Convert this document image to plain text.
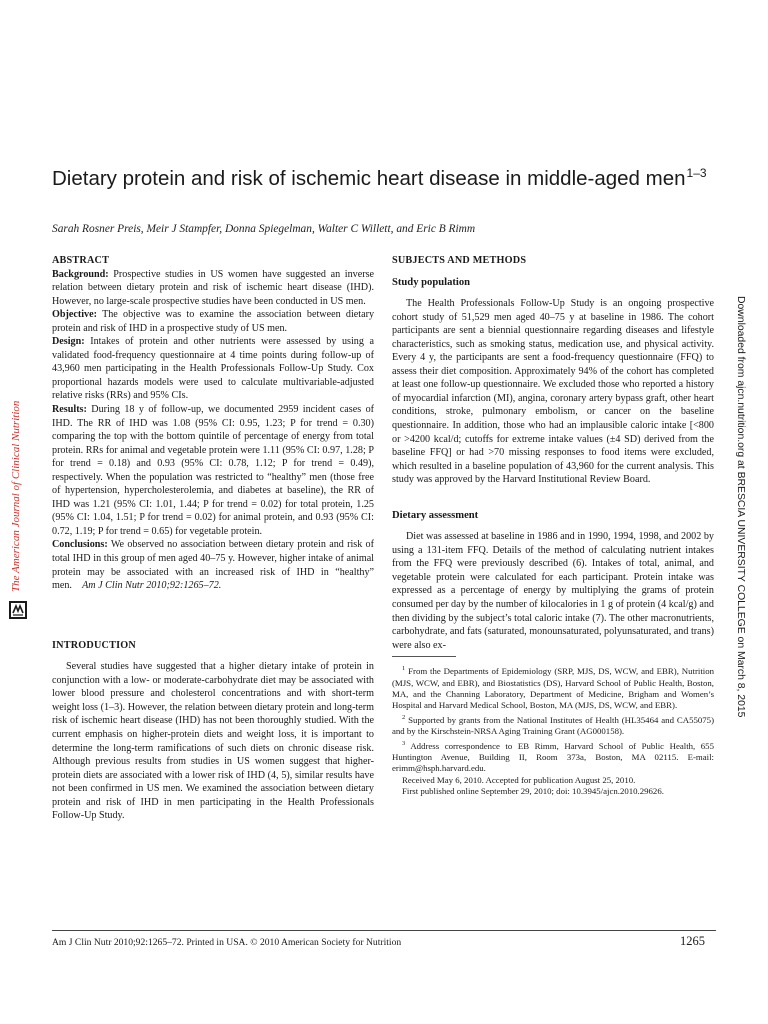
Dietary protein and risk of ischemic heart disease in middle-aged men$^{1-3}$
Sarah Rosner Preis, Meir J Stampfer, Donna Spiegelman, Walter C Willett, and Eric B Rimm
The American Journal of Clinical Nutrition	Downloaded from ajcn.nutrition.org at BRESCIA UNIVERSITY COLLEGE on March 8, 2015
ABSTRACT

Background: Prospective studies in US women have suggested an inverse relation between dietary protein and risk of ischemic heart disease (IHD). However, no large-scale prospective studies have been conducted in US men.

Objective: The objective was to examine the association between dietary protein and risk of IHD in a prospective study of US men.

Design: Intakes of protein and other nutrients were assessed by using a validated food-frequency questionnaire at 4 time points during follow-up of 43,960 men participating in the Health Professionals Follow-Up Study. Cox proportional hazards models were used to calculate multivariable-adjusted relative risks (RRs) and 95% CIs.

Results: During 18 y of follow-up, we documented 2959 incident cases of IHD. The RR of IHD was 1.08 (95% CI: 0.95, 1.23; P for trend = 0.30) comparing the top with the bottom quintile of percentage of energy from total protein. RRs for animal and vegetable protein were 1.11 (95% CI: 0.97, 1.28; P for trend = 0.18) and 0.93 (95% CI: 0.78, 1.12; P for trend = 0.49), respectively. When the population was restricted to “healthy” men (those free of hypertension, hypercholesterolemia, and diabetes at baseline), the RR of IHD was 1.21 (95% CI: 1.01, 1.44; P for trend = 0.02) for total protein, 1.25 (95% CI: 1.04, 1.51; P for trend = 0.02) for animal protein, and 0.93 (95% CI: 0.72, 1.19; P for trend = 0.65) for vegetable protein.

Conclusions: We observed no association between dietary protein and risk of total IHD in this group of men aged 40–75 y. However, higher intake of animal protein may be associated with an increased risk of IHD in “healthy” men. Am J Clin Nutr 2010;92:1265–72.

INTRODUCTION

Several studies have suggested that a higher dietary intake of protein in conjunction with a low- or moderate-carbohydrate diet may be associated with lower blood pressure and cholesterol concentrations and with short-term weight loss (1–3). However, the relation between dietary protein and long-term risk of ischemic heart disease (IHD) has not been thoroughly studied. With the current emphasis on higher-protein diets and weight loss, it is important to determine the long-term ramifications of such diets on chronic disease risk. Although previous results from studies in US women suggest that higher-protein diets are associated with a lower risk of IHD (4, 5), similar results have not been confirmed in US men. We examined the association between dietary protein and risk of IHD in men participating in the Health Professionals Follow-Up Study.

SUBJECTS AND METHODS
Study population

The Health Professionals Follow-Up Study is an ongoing prospective cohort study of 51,529 men aged 40–75 y at baseline in 1986. The cohort participants are sent a biennial questionnaire regarding diseases and lifestyle characteristics, such as smoking status, medication use, and physical activity. Every 4 y, the participants are sent a food-frequency questionnaire (FFQ) to assess their diet composition. Approximately 94% of the cohort has completed at least one follow-up questionnaire. We excluded those who reported a history of myocardial infarction (MI), angina, coronary artery bypass graft, other heart conditions, stroke, pulmonary embolism, or cancer on the baseline questionnaire. In addition, those who had an implausible caloric intake [<800 or >4200 kcal/d; cutoffs for extreme intake values (±4 SD) derived from the baseline FFQ] or had >70 missing responses to food items were excluded, which resulted in a baseline population of 43,960 for the current analysis. This study was approved by the Harvard Institutional Review Board.

Dietary assessment

Diet was assessed at baseline in 1986 and in 1990, 1994, 1998, and 2002 by using a 131-item FFQ. Details of the method of calculating nutrient intakes from the FFQ were previously described (6). Intakes of total, animal, and vegetable protein were calculated for each participant. Protein intake was expressed as a percentage of energy by multiplying the grams of protein consumed per day by the number of kilocalories in 1 g of protein (4 kcal/g) and then dividing by the subject’s total caloric intake (7). The other macronutrients, carbohydrate, and fats (saturated, monounsaturated, polyunsaturated, and trans) were also ex-

$^1$ From the Departments of Epidemiology (SRP, MJS, DS, WCW, and EBR), Nutrition (MJS, WCW, and EBR), and Biostatistics (DS), Harvard School of Public Health, Boston, MA, and the Channing Laboratory, Department of Medicine, Brigham and Women’s Hospital and Harvard Medical School, Boston, MA (MJS, DS, WCW, and EBR).

$^2$ Supported by grants from the National Institutes of Health (HL35464 and CA55075) and by the Kirschstein-NRSA Aging Training Grant (AG000158).

$^3$ Address correspondence to EB Rimm, Harvard School of Public Health, 655 Huntington Avenue, Building II, Room 373a, Boston, MA 02115. E-mail: erimm@hsph.harvard.edu.

Received May 6, 2010. Accepted for publication August 25, 2010.

First published online September 29, 2010; doi: 10.3945/ajcn.2010.29626.

Am J Clin Nutr 2010;92:1265–72. Printed in USA. © 2010 American Society for Nutrition	1265
